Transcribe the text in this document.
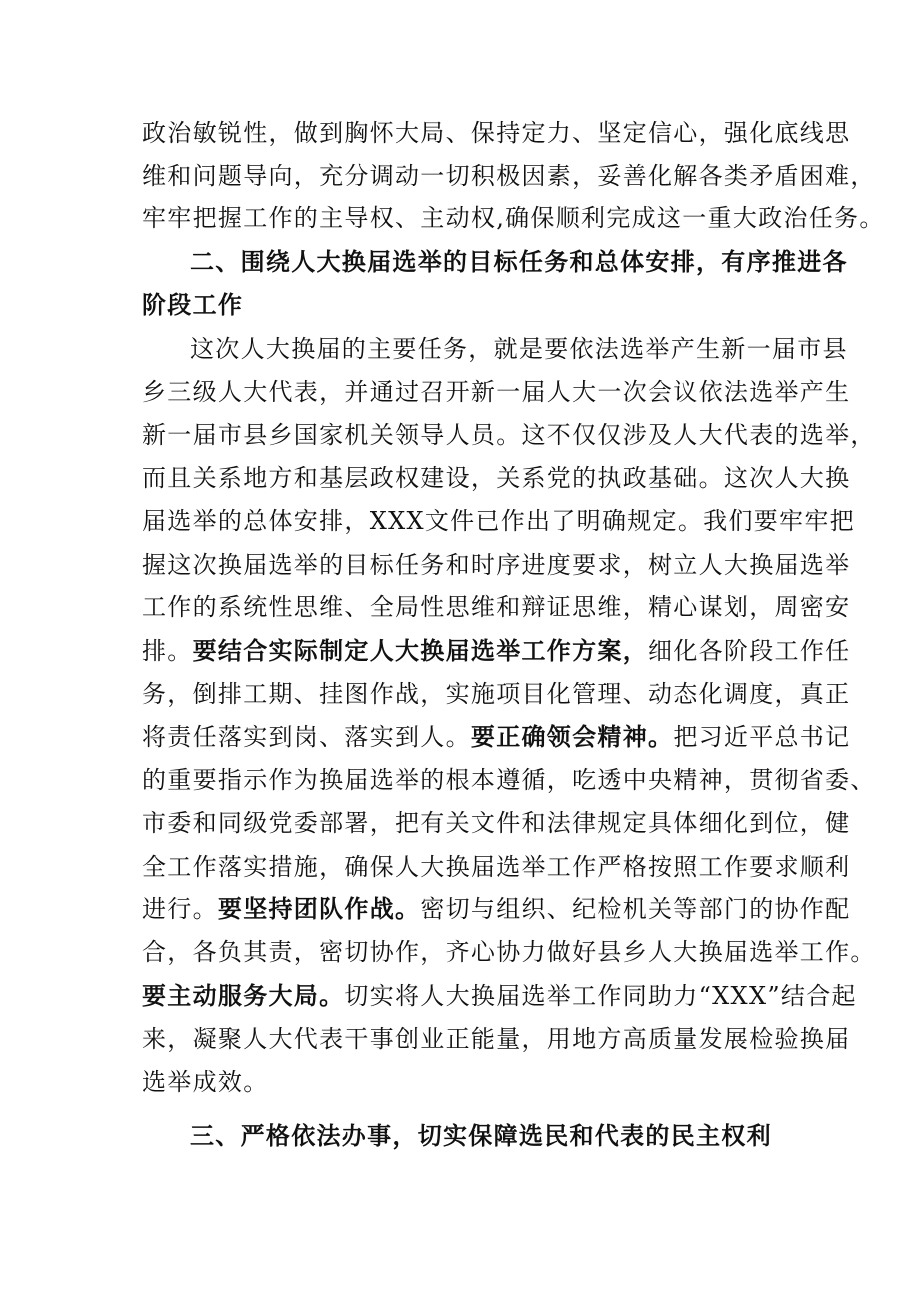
政治敏锐性，做到胸怀大局、保持定力、坚定信心，强化底线思
维和问题导向，充分调动一切积极因素，妥善化解各类矛盾困难，
牢牢把握工作的主导权、主动权,确保顺利完成这一重大政治任务。
二、围绕人大换届选举的目标任务和总体安排，有序推进各
阶段工作
这次人大换届的主要任务，就是要依法选举产生新一届市县
乡三级人大代表，并通过召开新一届人大一次会议依法选举产生
新一届市县乡国家机关领导人员。这不仅仅涉及人大代表的选举，
而且关系地方和基层政权建设，关系党的执政基础。这次人大换
届选举的总体安排，XXX文件已作出了明确规定。我们要牢牢把
握这次换届选举的目标任务和时序进度要求，树立人大换届选举
工作的系统性思维、全局性思维和辩证思维，精心谋划，周密安
排。要结合实际制定人大换届选举工作方案，细化各阶段工作任
务，倒排工期、挂图作战，实施项目化管理、动态化调度，真正
将责任落实到岗、落实到人。要正确领会精神。把习近平总书记
的重要指示作为换届选举的根本遵循，吃透中央精神，贯彻省委、
市委和同级党委部署，把有关文件和法律规定具体细化到位，健
全工作落实措施，确保人大换届选举工作严格按照工作要求顺利
进行。要坚持团队作战。密切与组织、纪检机关等部门的协作配
合，各负其责，密切协作，齐心协力做好县乡人大换届选举工作。
要主动服务大局。切实将人大换届选举工作同助力“XXX”结合起
来，凝聚人大代表干事创业正能量，用地方高质量发展检验换届
选举成效。
三、严格依法办事，切实保障选民和代表的民主权利
